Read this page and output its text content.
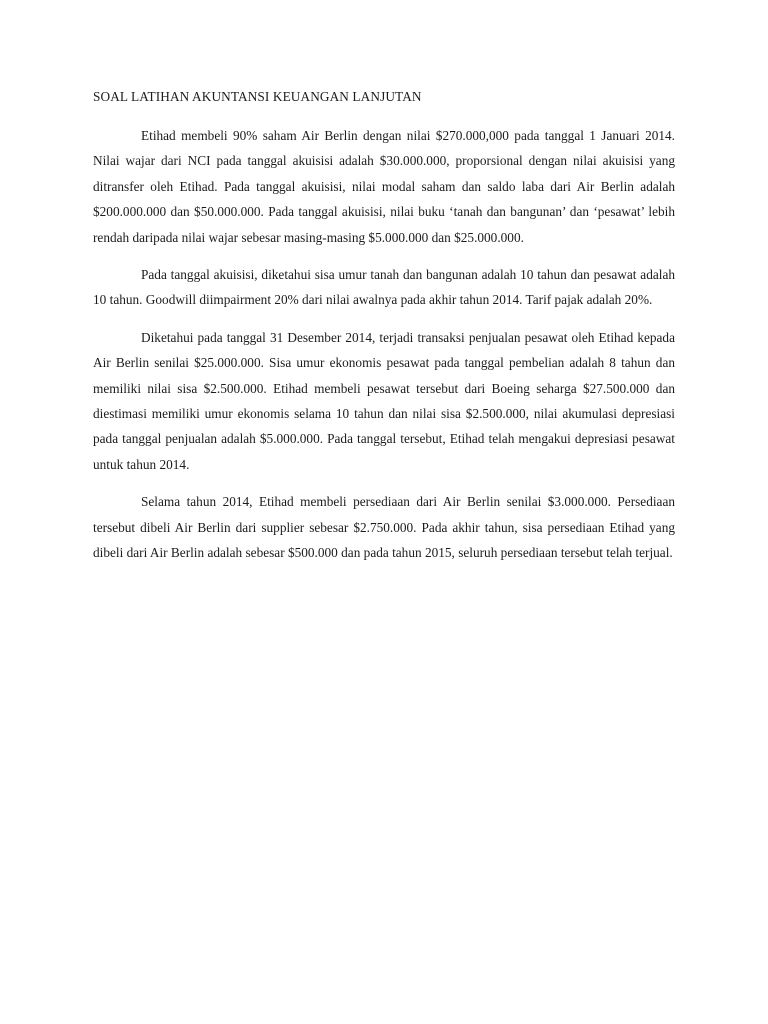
SOAL LATIHAN AKUNTANSI KEUANGAN LANJUTAN

Etihad membeli 90% saham Air Berlin dengan nilai $270.000,000 pada tanggal 1 Januari 2014. Nilai wajar dari NCI pada tanggal akuisisi adalah $30.000.000, proporsional dengan nilai akuisisi yang ditransfer oleh Etihad. Pada tanggal akuisisi, nilai modal saham dan saldo laba dari Air Berlin adalah $200.000.000 dan $50.000.000. Pada tanggal akuisisi, nilai buku ‘tanah dan bangunan’ dan ‘pesawat’ lebih rendah daripada nilai wajar sebesar masing-masing $5.000.000 dan $25.000.000.

Pada tanggal akuisisi, diketahui sisa umur tanah dan bangunan adalah 10 tahun dan pesawat adalah 10 tahun. Goodwill diimpairment 20% dari nilai awalnya pada akhir tahun 2014. Tarif pajak adalah 20%.

Diketahui pada tanggal 31 Desember 2014, terjadi transaksi penjualan pesawat oleh Etihad kepada Air Berlin senilai $25.000.000. Sisa umur ekonomis pesawat pada tanggal pembelian adalah 8 tahun dan memiliki nilai sisa $2.500.000. Etihad membeli pesawat tersebut dari Boeing seharga $27.500.000 dan diestimasi memiliki umur ekonomis selama 10 tahun dan nilai sisa $2.500.000, nilai akumulasi depresiasi pada tanggal penjualan adalah $5.000.000. Pada tanggal tersebut, Etihad telah mengakui depresiasi pesawat untuk tahun 2014.

Selama tahun 2014, Etihad membeli persediaan dari Air Berlin senilai $3.000.000. Persediaan tersebut dibeli Air Berlin dari supplier sebesar $2.750.000. Pada akhir tahun, sisa persediaan Etihad yang dibeli dari Air Berlin adalah sebesar $500.000 dan pada tahun 2015, seluruh persediaan tersebut telah terjual.
